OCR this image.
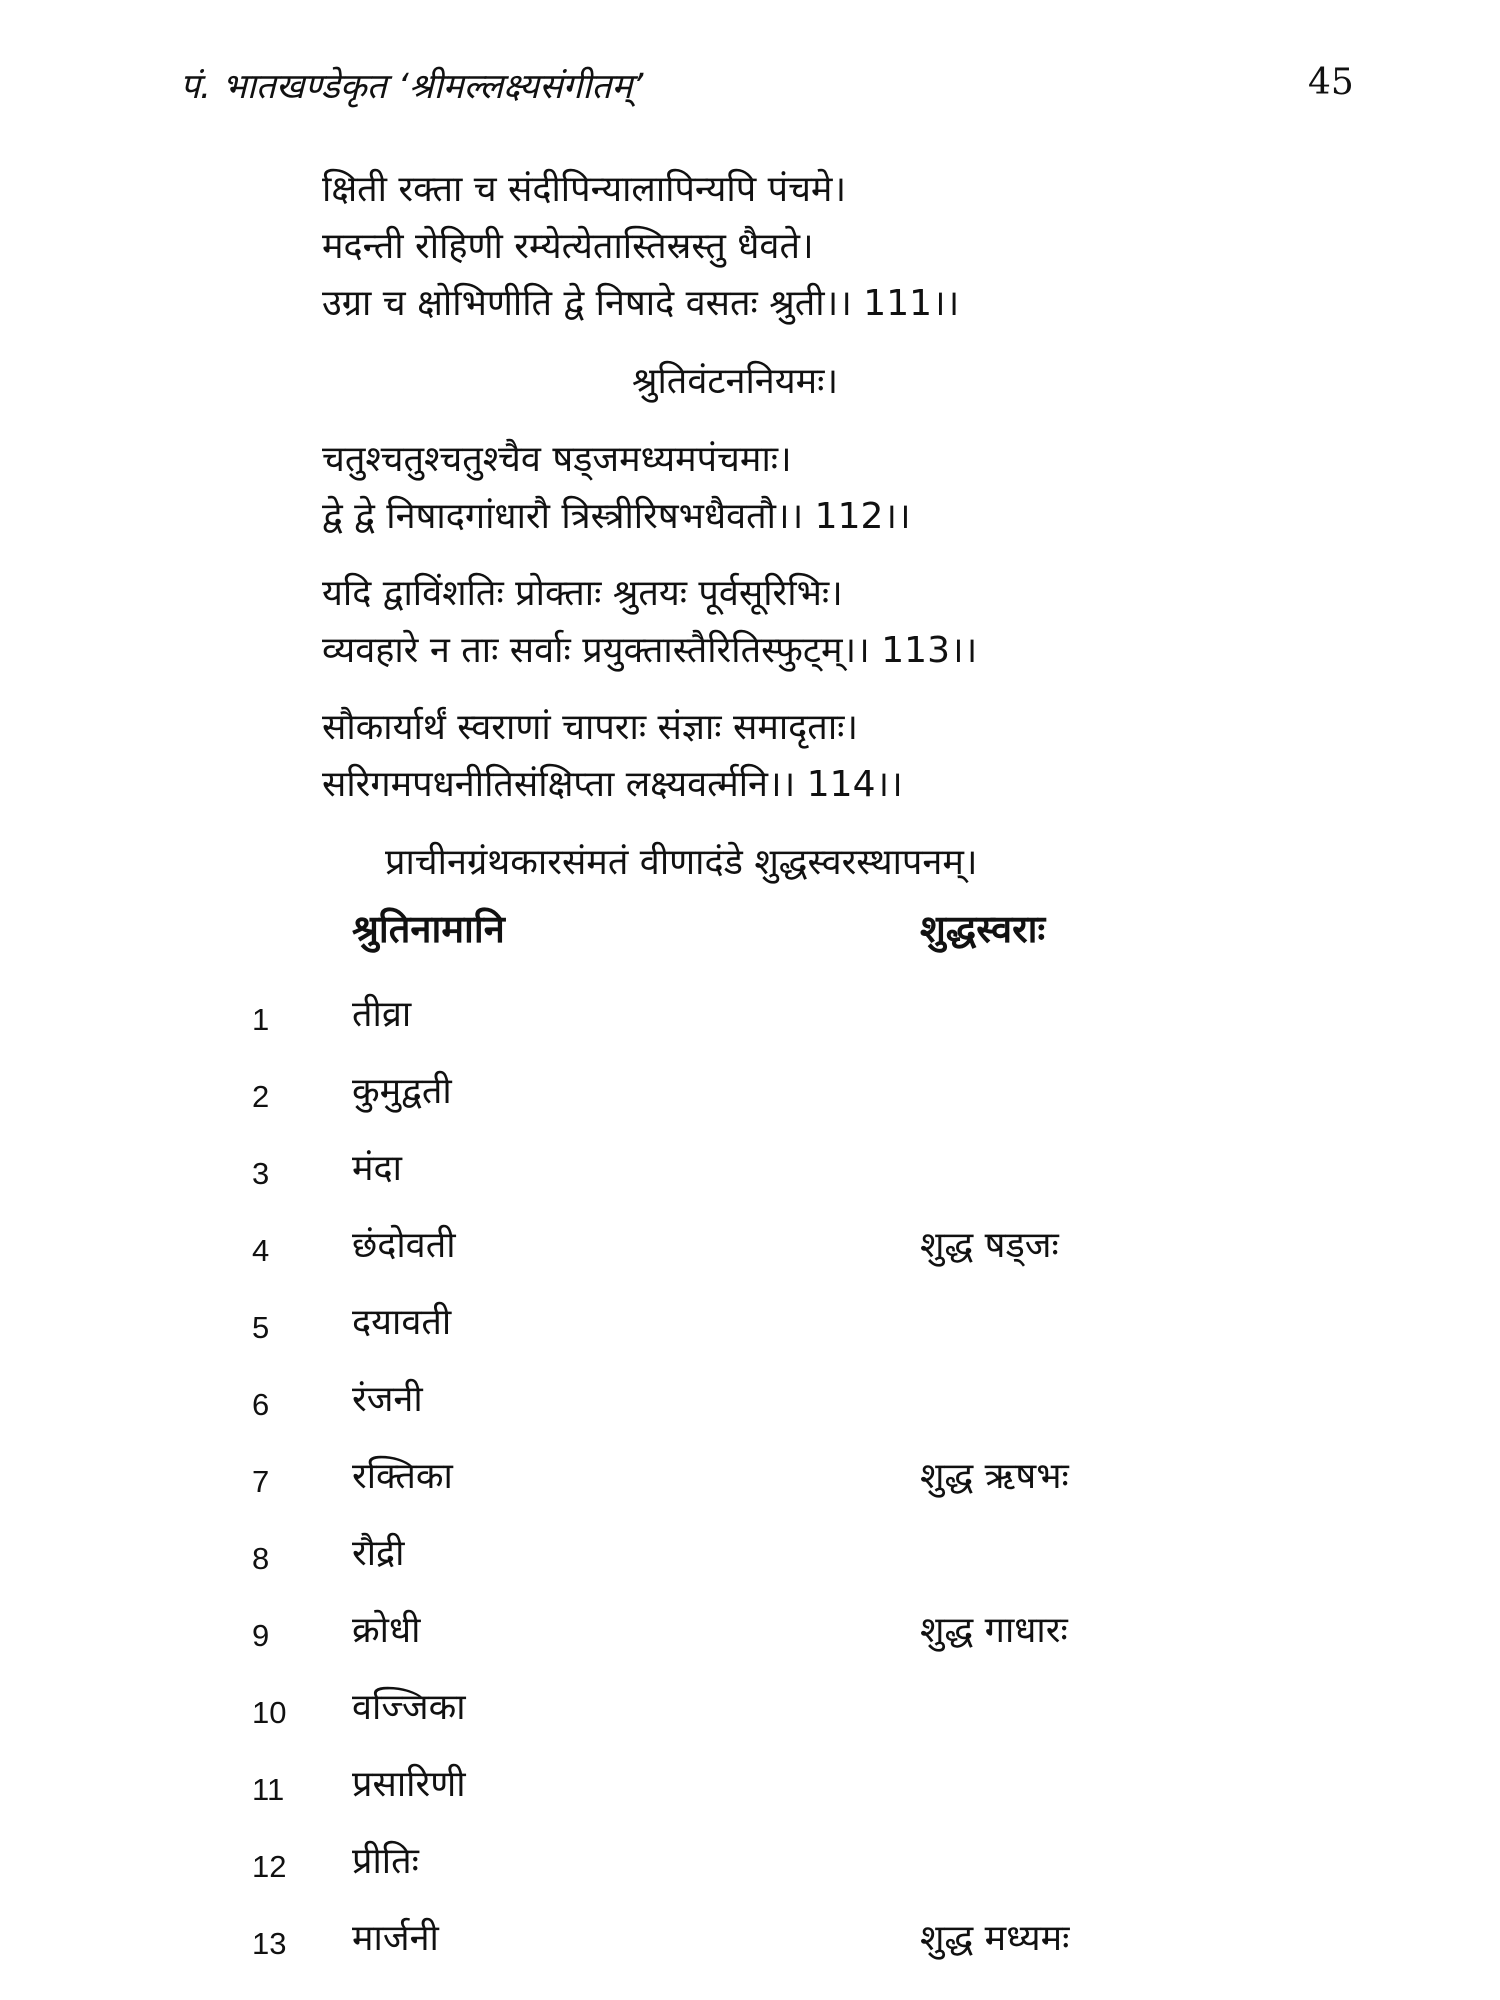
पं. भातखण्डेकृत ‘श्रीमल्लक्ष्यसंगीतम्’	45
क्षिती रक्ता च संदीपिन्यालापिन्यपि पंचमे।
मदन्ती रोहिणी रम्येत्येतास्तिस्रस्तु धैवते।
उग्रा च क्षोभिणीति द्वे निषादे वसतः श्रुती।। 111।।
श्रुतिवंटननियमः।
चतुश्चतुश्चतुश्चैव षड्जमध्यमपंचमाः।
द्वे द्वे निषादगांधारौ त्रिस्त्रीरिषभधैवतौ।। 112।।
यदि द्वाविंशतिः प्रोक्ताः श्रुतयः पूर्वसूरिभिः।
व्यवहारे न ताः सर्वाः प्रयुक्तास्तैरितिस्फुट्म्।। 113।।
सौकार्यार्थं स्वराणां चापराः संज्ञाः समादृताः।
सरिगमपधनीतिसंक्षिप्ता लक्ष्यवर्त्मनि।। 114।।
प्राचीनग्रंथकारसंमतं वीणादंडे शुद्धस्वरस्थापनम्।
श्रुतिनामानि	शुद्धस्वराः
1 तीव्रा
2 कुमुद्वती
3 मंदा
4 छंदोवती	शुद्ध षड्जः
5 दयावती
6 रंजनी
7 रक्तिका	शुद्ध ऋषभः
8 रौद्री
9 क्रोधी	शुद्ध गाधारः
10 वज्जिका
11 प्रसारिणी
12 प्रीतिः
13 मार्जनी	शुद्ध मध्यमः
